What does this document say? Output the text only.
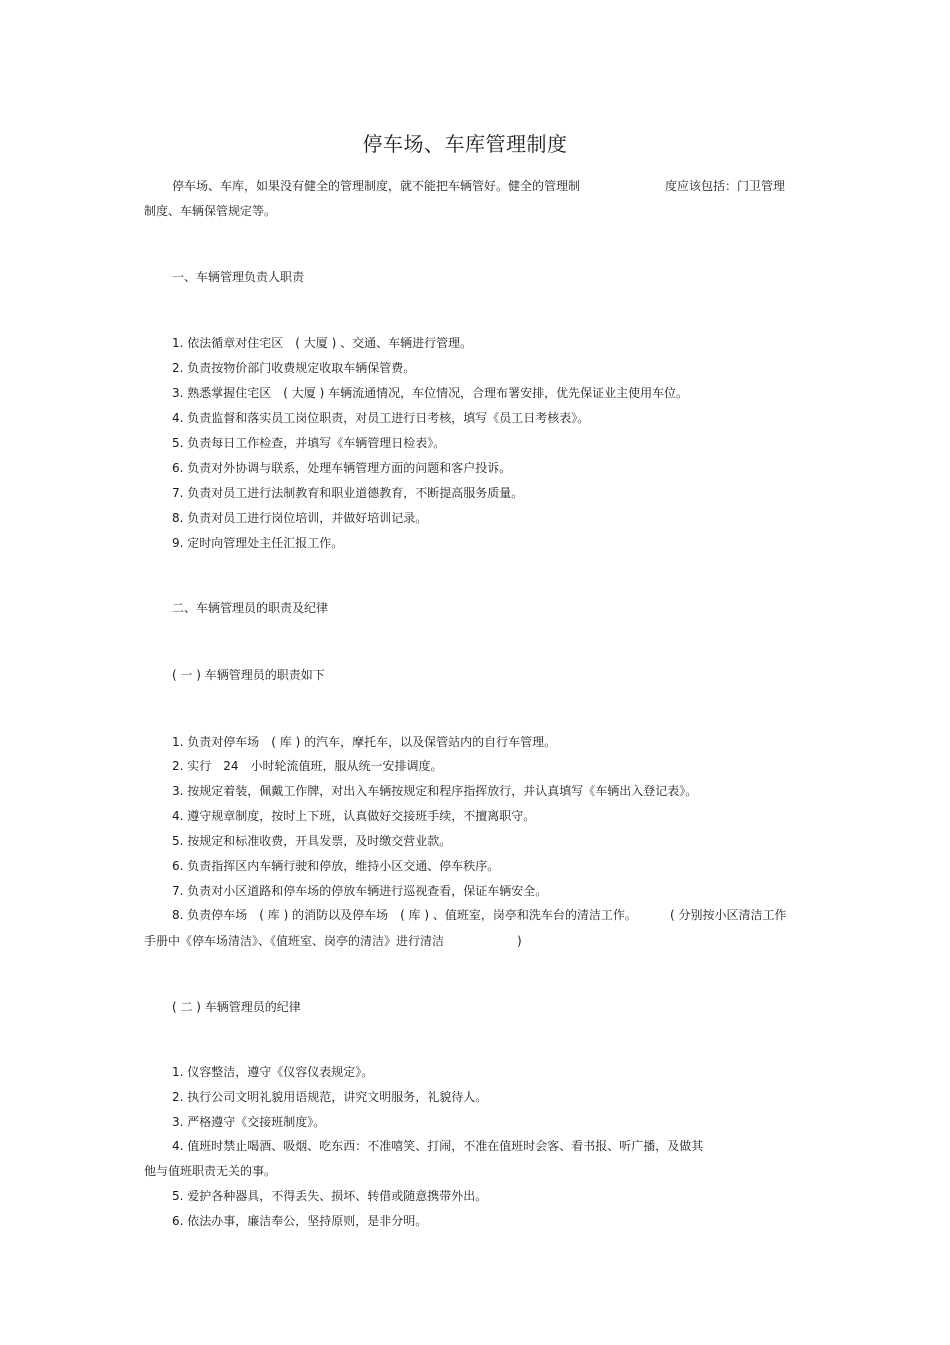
停车场、车库管理制度
停车场、车库，如果没有健全的管理制度，就不能把车辆管好。健全的管理制	度应该包括：门卫管理
制度、车辆保管规定等。
一、车辆管理负责人职责
1. 依法循章对住宅区　( 大厦 ) 、交通、车辆进行管理。
2. 负责按物价部门收费规定收取车辆保管费。
3. 熟悉掌握住宅区　( 大厦 ) 车辆流通情况，车位情况，合理布署安排，优先保证业主使用车位。
4. 负责监督和落实员工岗位职责，对员工进行日考核，填写《员工日考核表》。
5. 负责每日工作检查，并填写《车辆管理日检表》。
6. 负责对外协调与联系，处理车辆管理方面的问题和客户投诉。
7. 负责对员工进行法制教育和职业道德教育，不断提高服务质量。
8. 负责对员工进行岗位培训，并做好培训记录。
9. 定时向管理处主任汇报工作。
二、车辆管理员的职责及纪律
( 一 ) 车辆管理员的职责如下
1. 负责对停车场　( 库 ) 的汽车，摩托车，以及保管站内的自行车管理。
2. 实行　24　小时轮流值班，服从统一安排调度。
3. 按规定着装，佩戴工作牌，对出入车辆按规定和程序指挥放行，并认真填写《车辆出入登记表》。
4. 遵守规章制度，按时上下班，认真做好交接班手续，不擅离职守。
5. 按规定和标准收费，开具发票，及时缴交营业款。
6. 负责指挥区内车辆行驶和停放，维持小区交通、停车秩序。
7. 负责对小区道路和停车场的停放车辆进行巡视查看，保证车辆安全。
8. 负责停车场　( 库 ) 的消防以及停车场　( 库 ) 、值班室，岗亭和洗车台的清洁工作。	( 分别按小区清洁工作
手册中《停车场清洁》、《值班室、岗亭的清洁》进行清洁	)
( 二 ) 车辆管理员的纪律
1. 仪容整洁，遵守《仪容仪表规定》。
2. 执行公司文明礼貌用语规范，讲究文明服务，礼貌待人。
3. 严格遵守《交接班制度》。
4. 值班时禁止喝酒、吸烟、吃东西：不准嘻笑、打闹，不准在值班时会客、看书报、听广播，及做其
他与值班职责无关的事。
5. 爱护各种器具，不得丢失、损坏、转借或随意携带外出。
6. 依法办事，廉洁奉公，坚持原则，是非分明。
